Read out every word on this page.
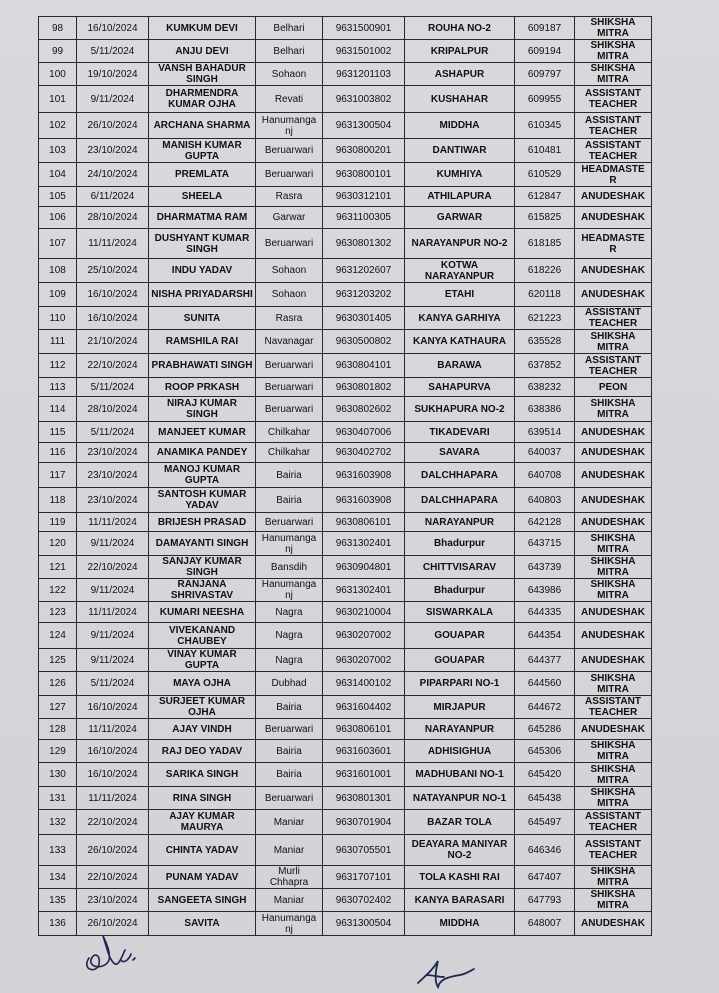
98	16/10/2024	KUMKUM DEVI	Belhari	9631500901	ROUHA NO-2	609187	SHIKSHA MITRA
99	5/11/2024	ANJU DEVI	Belhari	9631501002	KRIPALPUR	609194	SHIKSHA MITRA
100	19/10/2024	VANSH BAHADUR SINGH	Sohaon	9631201103	ASHAPUR	609797	SHIKSHA MITRA
101	9/11/2024	DHARMENDRA KUMAR OJHA	Revati	9631003802	KUSHAHAR	609955	ASSISTANT TEACHER
102	26/10/2024	ARCHANA SHARMA	Hanumanga nj	9631300504	MIDDHA	610345	ASSISTANT TEACHER
103	23/10/2024	MANISH KUMAR GUPTA	Beruarwari	9630800201	DANTIWAR	610481	ASSISTANT TEACHER
104	24/10/2024	PREMLATA	Beruarwari	9630800101	KUMHIYA	610529	HEADMASTE R
105	6/11/2024	SHEELA	Rasra	9630312101	ATHILAPURA	612847	ANUDESHAK
106	28/10/2024	DHARMATMA RAM	Garwar	9631100305	GARWAR	615825	ANUDESHAK
107	11/11/2024	DUSHYANT KUMAR SINGH	Beruarwari	9630801302	NARAYANPUR NO-2	618185	HEADMASTE R
108	25/10/2024	INDU YADAV	Sohaon	9631202607	KOTWA NARAYANPUR	618226	ANUDESHAK
109	16/10/2024	NISHA PRIYADARSHI	Sohaon	9631203202	ETAHI	620118	ANUDESHAK
110	16/10/2024	SUNITA	Rasra	9630301405	KANYA GARHIYA	621223	ASSISTANT TEACHER
111	21/10/2024	RAMSHILA RAI	Navanagar	9630500802	KANYA KATHAURA	635528	SHIKSHA MITRA
112	22/10/2024	PRABHAWATI SINGH	Beruarwari	9630804101	BARAWA	637852	ASSISTANT TEACHER
113	5/11/2024	ROOP PRKASH	Beruarwari	9630801802	SAHAPURVA	638232	PEON
114	28/10/2024	NIRAJ KUMAR SINGH	Beruarwari	9630802602	SUKHAPURA NO-2	638386	SHIKSHA MITRA
115	5/11/2024	MANJEET KUMAR	Chilkahar	9630407006	TIKADEVARI	639514	ANUDESHAK
116	23/10/2024	ANAMIKA PANDEY	Chilkahar	9630402702	SAVARA	640037	ANUDESHAK
117	23/10/2024	MANOJ KUMAR GUPTA	Bairia	9631603908	DALCHHAPARA	640708	ANUDESHAK
118	23/10/2024	SANTOSH KUMAR YADAV	Bairia	9631603908	DALCHHAPARA	640803	ANUDESHAK
119	11/11/2024	BRIJESH PRASAD	Beruarwari	9630806101	NARAYANPUR	642128	ANUDESHAK
120	9/11/2024	DAMAYANTI SINGH	Hanumanga nj	9631302401	Bhadurpur	643715	SHIKSHA MITRA
121	22/10/2024	SANJAY KUMAR SINGH	Bansdih	9630904801	CHITTVISARAV	643739	SHIKSHA MITRA
122	9/11/2024	RANJANA SHRIVASTAV	Hanumanga nj	9631302401	Bhadurpur	643986	SHIKSHA MITRA
123	11/11/2024	KUMARI NEESHA	Nagra	9630210004	SISWARKALA	644335	ANUDESHAK
124	9/11/2024	VIVEKANAND CHAUBEY	Nagra	9630207002	GOUAPAR	644354	ANUDESHAK
125	9/11/2024	VINAY KUMAR GUPTA	Nagra	9630207002	GOUAPAR	644377	ANUDESHAK
126	5/11/2024	MAYA OJHA	Dubhad	9631400102	PIPARPARI NO-1	644560	SHIKSHA MITRA
127	16/10/2024	SURJEET KUMAR OJHA	Bairia	9631604402	MIRJAPUR	644672	ASSISTANT TEACHER
128	11/11/2024	AJAY VINDH	Beruarwari	9630806101	NARAYANPUR	645286	ANUDESHAK
129	16/10/2024	RAJ DEO YADAV	Bairia	9631603601	ADHISIGHUA	645306	SHIKSHA MITRA
130	16/10/2024	SARIKA SINGH	Bairia	9631601001	MADHUBANI NO-1	645420	SHIKSHA MITRA
131	11/11/2024	RINA SINGH	Beruarwari	9630801301	NATAYANPUR NO-1	645438	SHIKSHA MITRA
132	22/10/2024	AJAY KUMAR MAURYA	Maniar	9630701904	BAZAR TOLA	645497	ASSISTANT TEACHER
133	26/10/2024	CHINTA YADAV	Maniar	9630705501	DEAYARA MANIYAR NO-2	646346	ASSISTANT TEACHER
134	22/10/2024	PUNAM YADAV	Murli Chhapra	9631707101	TOLA KASHI RAI	647407	SHIKSHA MITRA
135	23/10/2024	SANGEETA SINGH	Maniar	9630702402	KANYA BARASARI	647793	SHIKSHA MITRA
136	26/10/2024	SAVITA	Hanumanga nj	9631300504	MIDDHA	648007	ANUDESHAK
